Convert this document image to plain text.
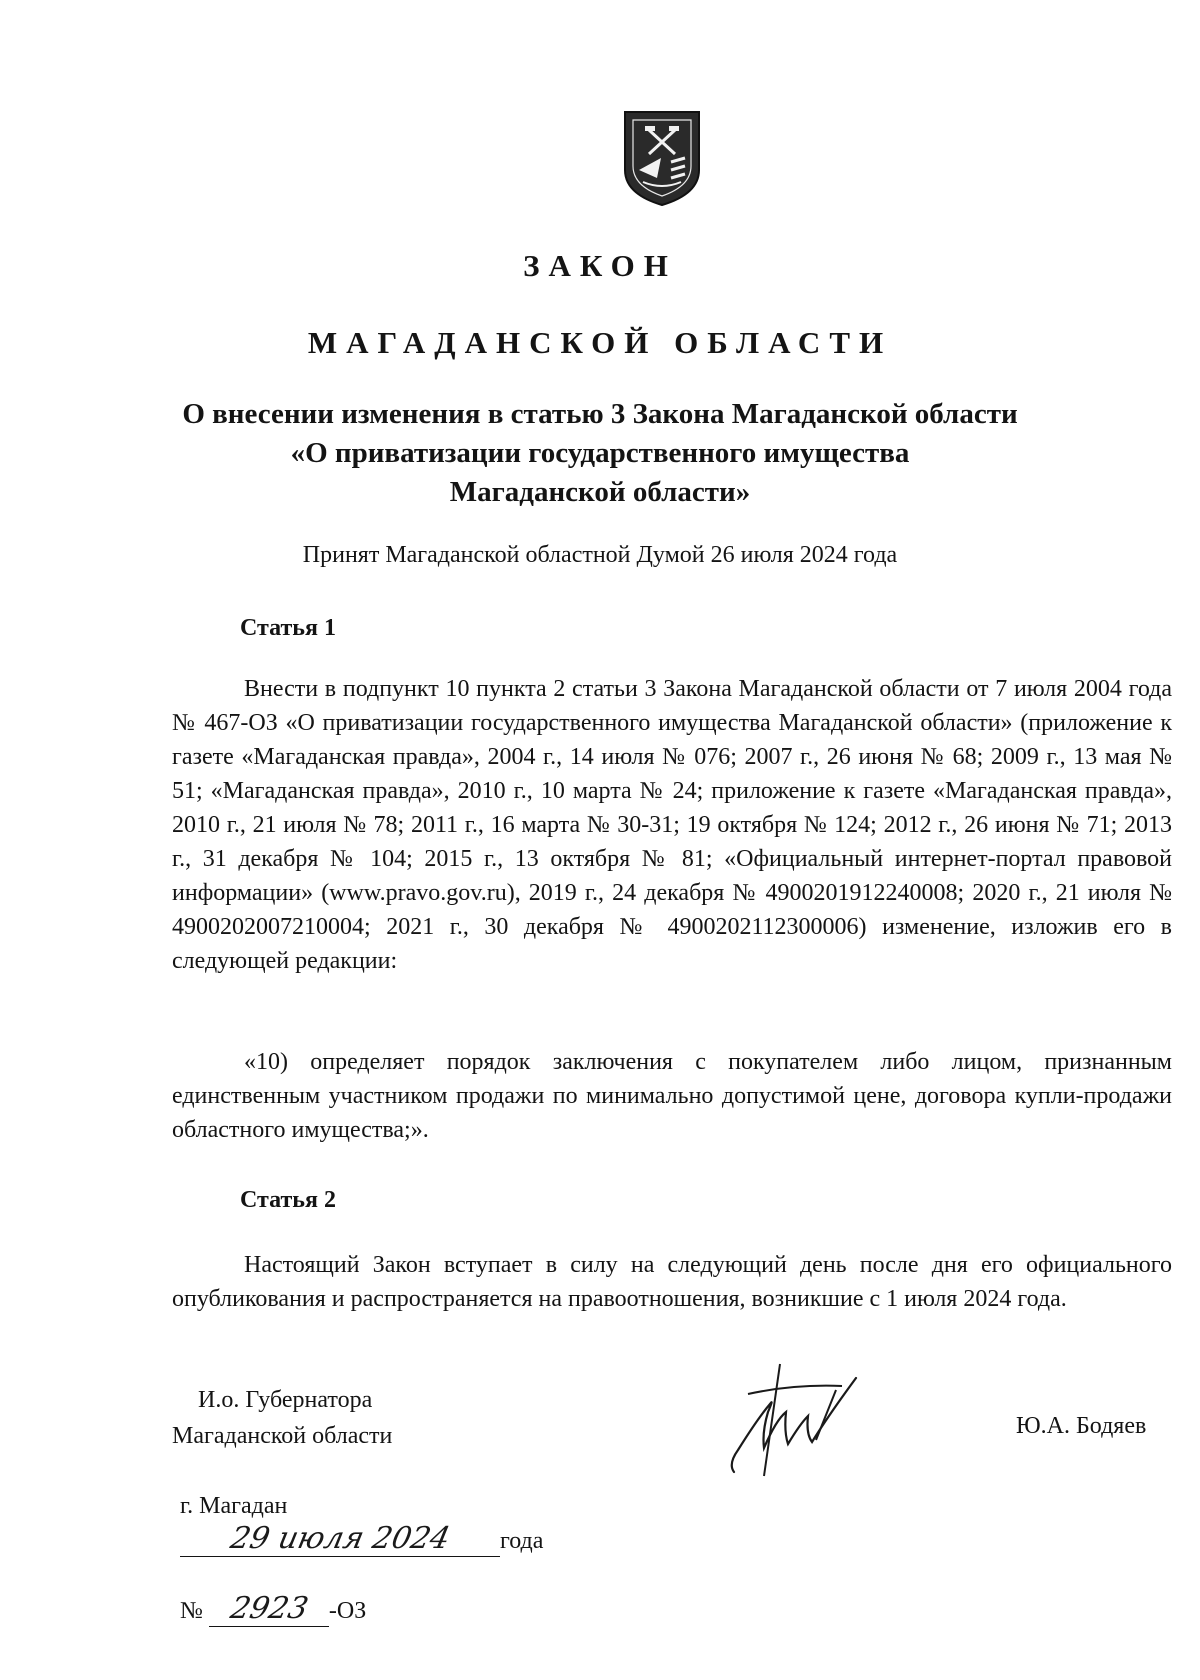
ЗАКОН
МАГАДАНСКОЙ ОБЛАСТИ
О внесении изменения в статью 3 Закона Магаданской области
«О приватизации государственного имущества
Магаданской области»
Принят Магаданской областной Думой 26 июля 2024 года
Статья 1
Внести в подпункт 10 пункта 2 статьи 3 Закона Магаданской области от 7 июля 2004 года № 467-ОЗ «О приватизации государственного имущества Магаданской области» (приложение к газете «Магаданская правда», 2004 г., 14 июля № 076; 2007 г., 26 июня № 68; 2009 г., 13 мая № 51; «Магаданская правда», 2010 г., 10 марта № 24; приложение к газете «Магаданская правда», 2010 г., 21 июля № 78; 2011 г., 16 марта № 30-31; 19 октября № 124; 2012 г., 26 июня № 71; 2013 г., 31 декабря № 104; 2015 г., 13 октября № 81; «Официальный интернет-портал правовой информации» (www.pravo.gov.ru), 2019 г., 24 декабря № 4900201912240008; 2020 г., 21 июля № 4900202007210004; 2021 г., 30 декабря № 4900202112300006) изменение, изложив его в следующей редакции:
«10) определяет порядок заключения с покупателем либо лицом, признанным единственным участником продажи по минимально допустимой цене, договора купли-продажи областного имущества;».
Статья 2
Настоящий Закон вступает в силу на следующий день после дня его официального опубликования и распространяется на правоотношения, возникшие с 1 июля 2024 года.
И.о. Губернатора
Магаданской области	Ю.А. Бодяев
г. Магадан
29 июля 2024 года
№ 2923 -ОЗ
